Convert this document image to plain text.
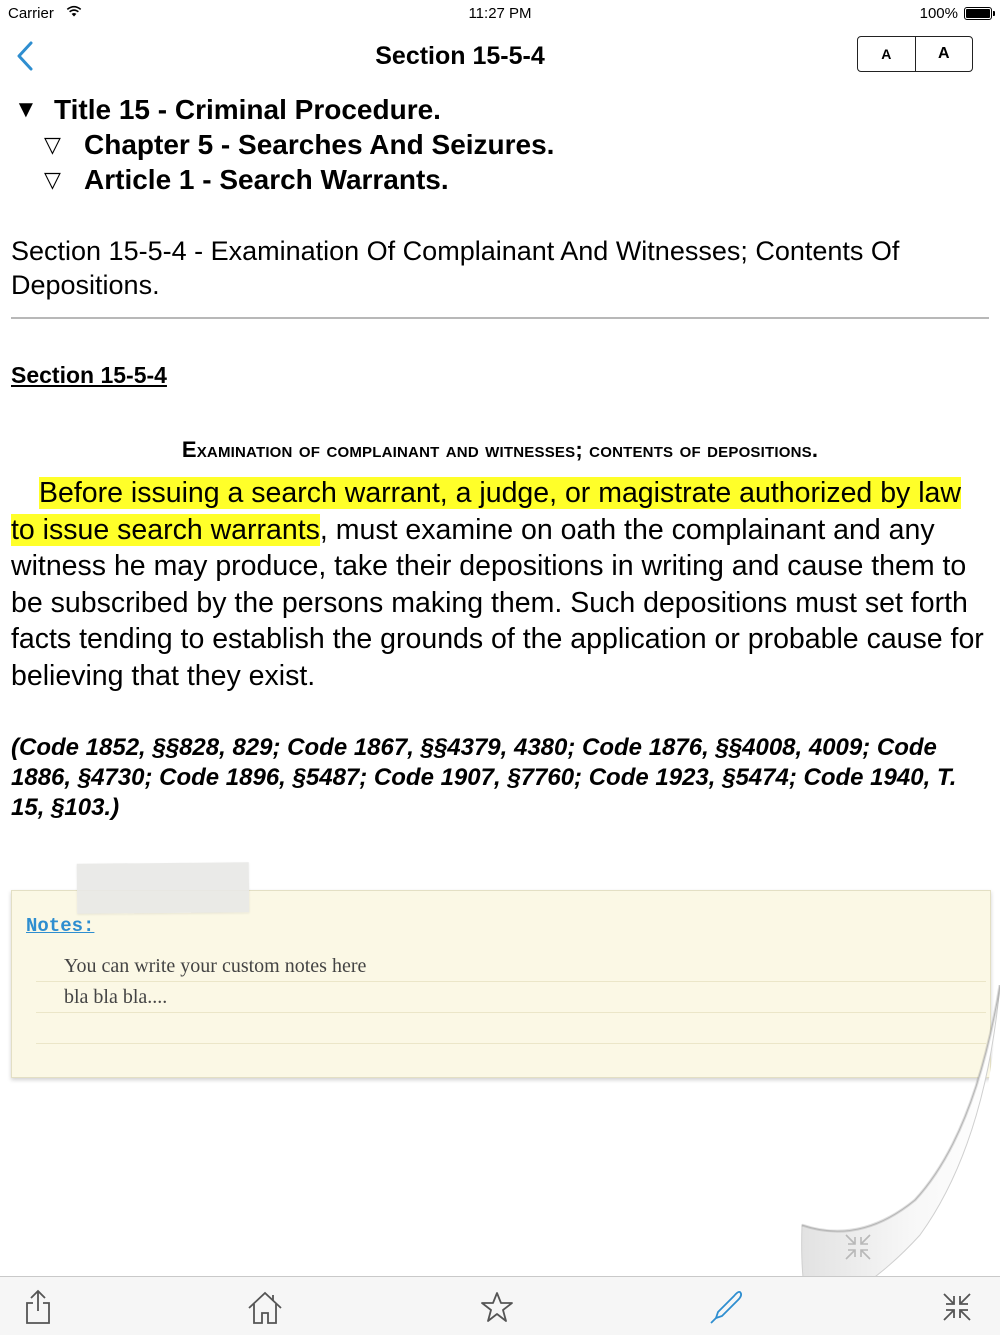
Carrier	11:27 PM	100%
Section 15-5-4	A	A
▼ Title 15 - Criminal Procedure.
▽ Chapter 5 - Searches And Seizures.
▽ Article 1 - Search Warrants.
Section 15-5-4 - Examination Of Complainant And Witnesses; Contents Of Depositions.
Section 15-5-4
Examination of complainant and witnesses; contents of depositions.
Before issuing a search warrant, a judge, or magistrate authorized by law to issue search warrants, must examine on oath the complainant and any witness he may produce, take their depositions in writing and cause them to be subscribed by the persons making them. Such depositions must set forth facts tending to establish the grounds of the application or probable cause for believing that they exist.
(Code 1852, §§828, 829; Code 1867, §§4379, 4380; Code 1876, §§4008, 4009; Code 1886, §4730; Code 1896, §5487; Code 1907, §7760; Code 1923, §5474; Code 1940, T. 15, §103.)
Notes:
You can write your custom notes here
bla bla bla....
